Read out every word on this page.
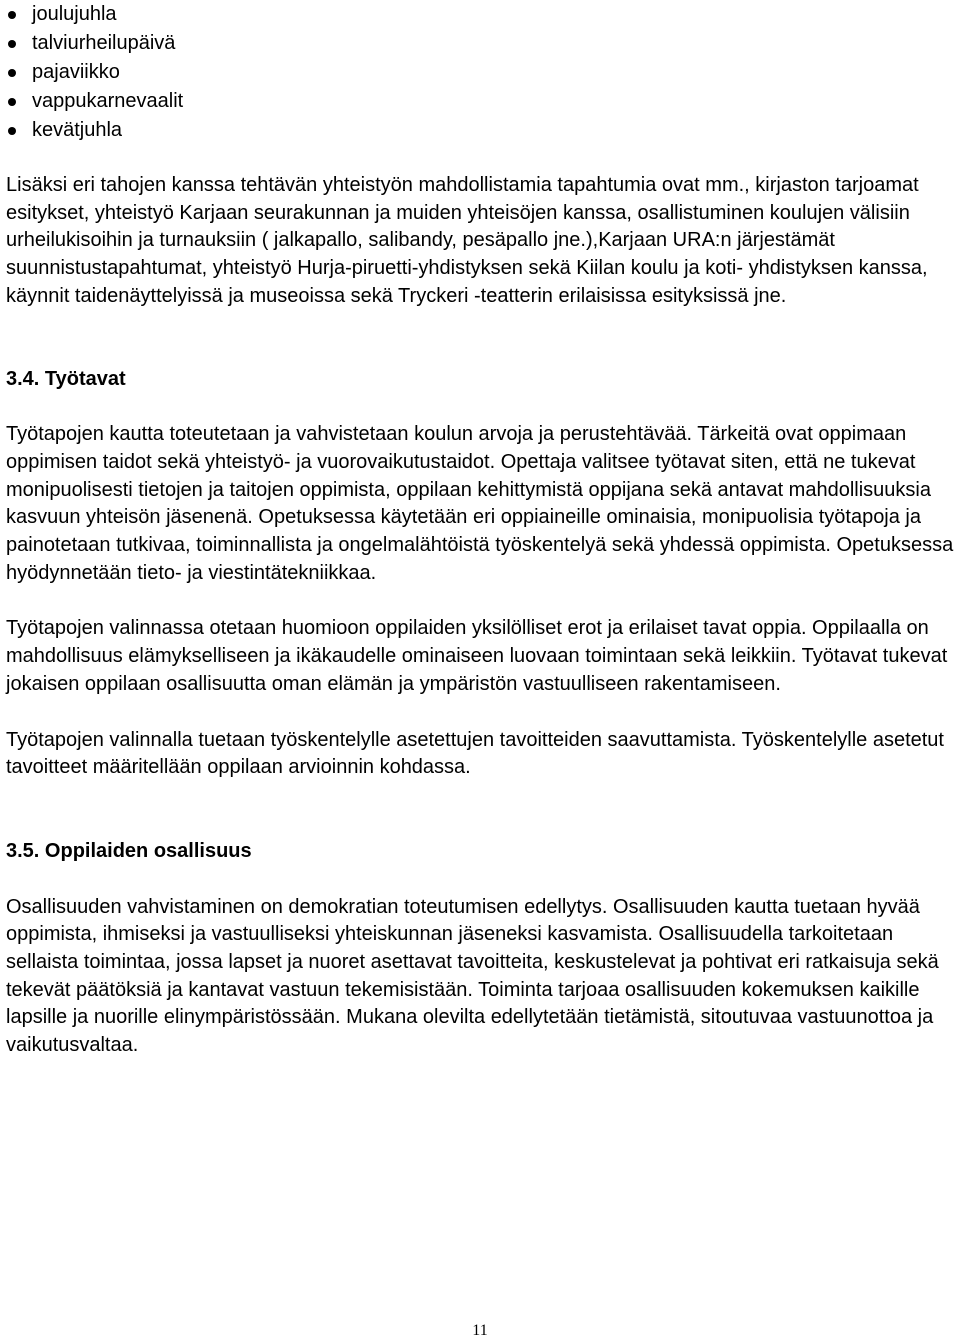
joulujuhla
talviurheilupäivä
pajaviikko
vappukarnevaalit
kevätjuhla

Lisäksi eri tahojen kanssa tehtävän yhteistyön mahdollistamia tapahtumia ovat mm., kirjaston tarjoamat esitykset, yhteistyö Karjaan seurakunnan ja muiden yhteisöjen kanssa, osallistuminen koulujen välisiin urheilukisoihin ja turnauksiin ( jalkapallo, salibandy, pesäpallo jne.),Karjaan URA:n järjestämät suunnistustapahtumat, yhteistyö Hurja-piruetti-yhdistyksen sekä Kiilan koulu ja koti- yhdistyksen kanssa, käynnit taidenäyttelyissä ja museoissa sekä Tryckeri -teatterin erilaisissa esityksissä jne.

3.4. Työtavat

Työtapojen kautta toteutetaan ja vahvistetaan koulun arvoja ja perustehtävää. Tärkeitä ovat oppimaan oppimisen taidot sekä yhteistyö- ja vuorovaikutustaidot. Opettaja valitsee työtavat siten, että ne tukevat monipuolisesti tietojen ja taitojen oppimista, oppilaan kehittymistä oppijana sekä antavat mahdollisuuksia kasvuun yhteisön jäsenenä. Opetuksessa käytetään eri oppiaineille ominaisia, monipuolisia työtapoja ja painotetaan tutkivaa, toiminnallista ja ongelmalähtöistä työskentelyä sekä yhdessä oppimista. Opetuksessa hyödynnetään tieto- ja viestintätekniikkaa.

Työtapojen valinnassa otetaan huomioon oppilaiden yksilölliset erot ja erilaiset tavat oppia. Oppilaalla on mahdollisuus elämykselliseen ja ikäkaudelle ominaiseen luovaan toimintaan sekä leikkiin. Työtavat tukevat jokaisen oppilaan osallisuutta oman elämän ja ympäristön vastuulliseen rakentamiseen.

Työtapojen valinnalla tuetaan työskentelylle asetettujen tavoitteiden saavuttamista. Työskentelylle asetetut tavoitteet määritellään oppilaan arvioinnin kohdassa.

3.5. Oppilaiden osallisuus

Osallisuuden vahvistaminen on demokratian toteutumisen edellytys. Osallisuuden kautta tuetaan hyvää oppimista, ihmiseksi ja vastuulliseksi yhteiskunnan jäseneksi kasvamista. Osallisuudella tarkoitetaan sellaista toimintaa, jossa lapset ja nuoret asettavat tavoitteita, keskustelevat ja pohtivat eri ratkaisuja sekä tekevät päätöksiä ja kantavat vastuun tekemisistään. Toiminta tarjoaa osallisuuden kokemuksen kaikille lapsille ja nuorille elinympäristössään. Mukana olevilta edellytetään tietämistä, sitoutuvaa vastuunottoa ja vaikutusvaltaa.

11
